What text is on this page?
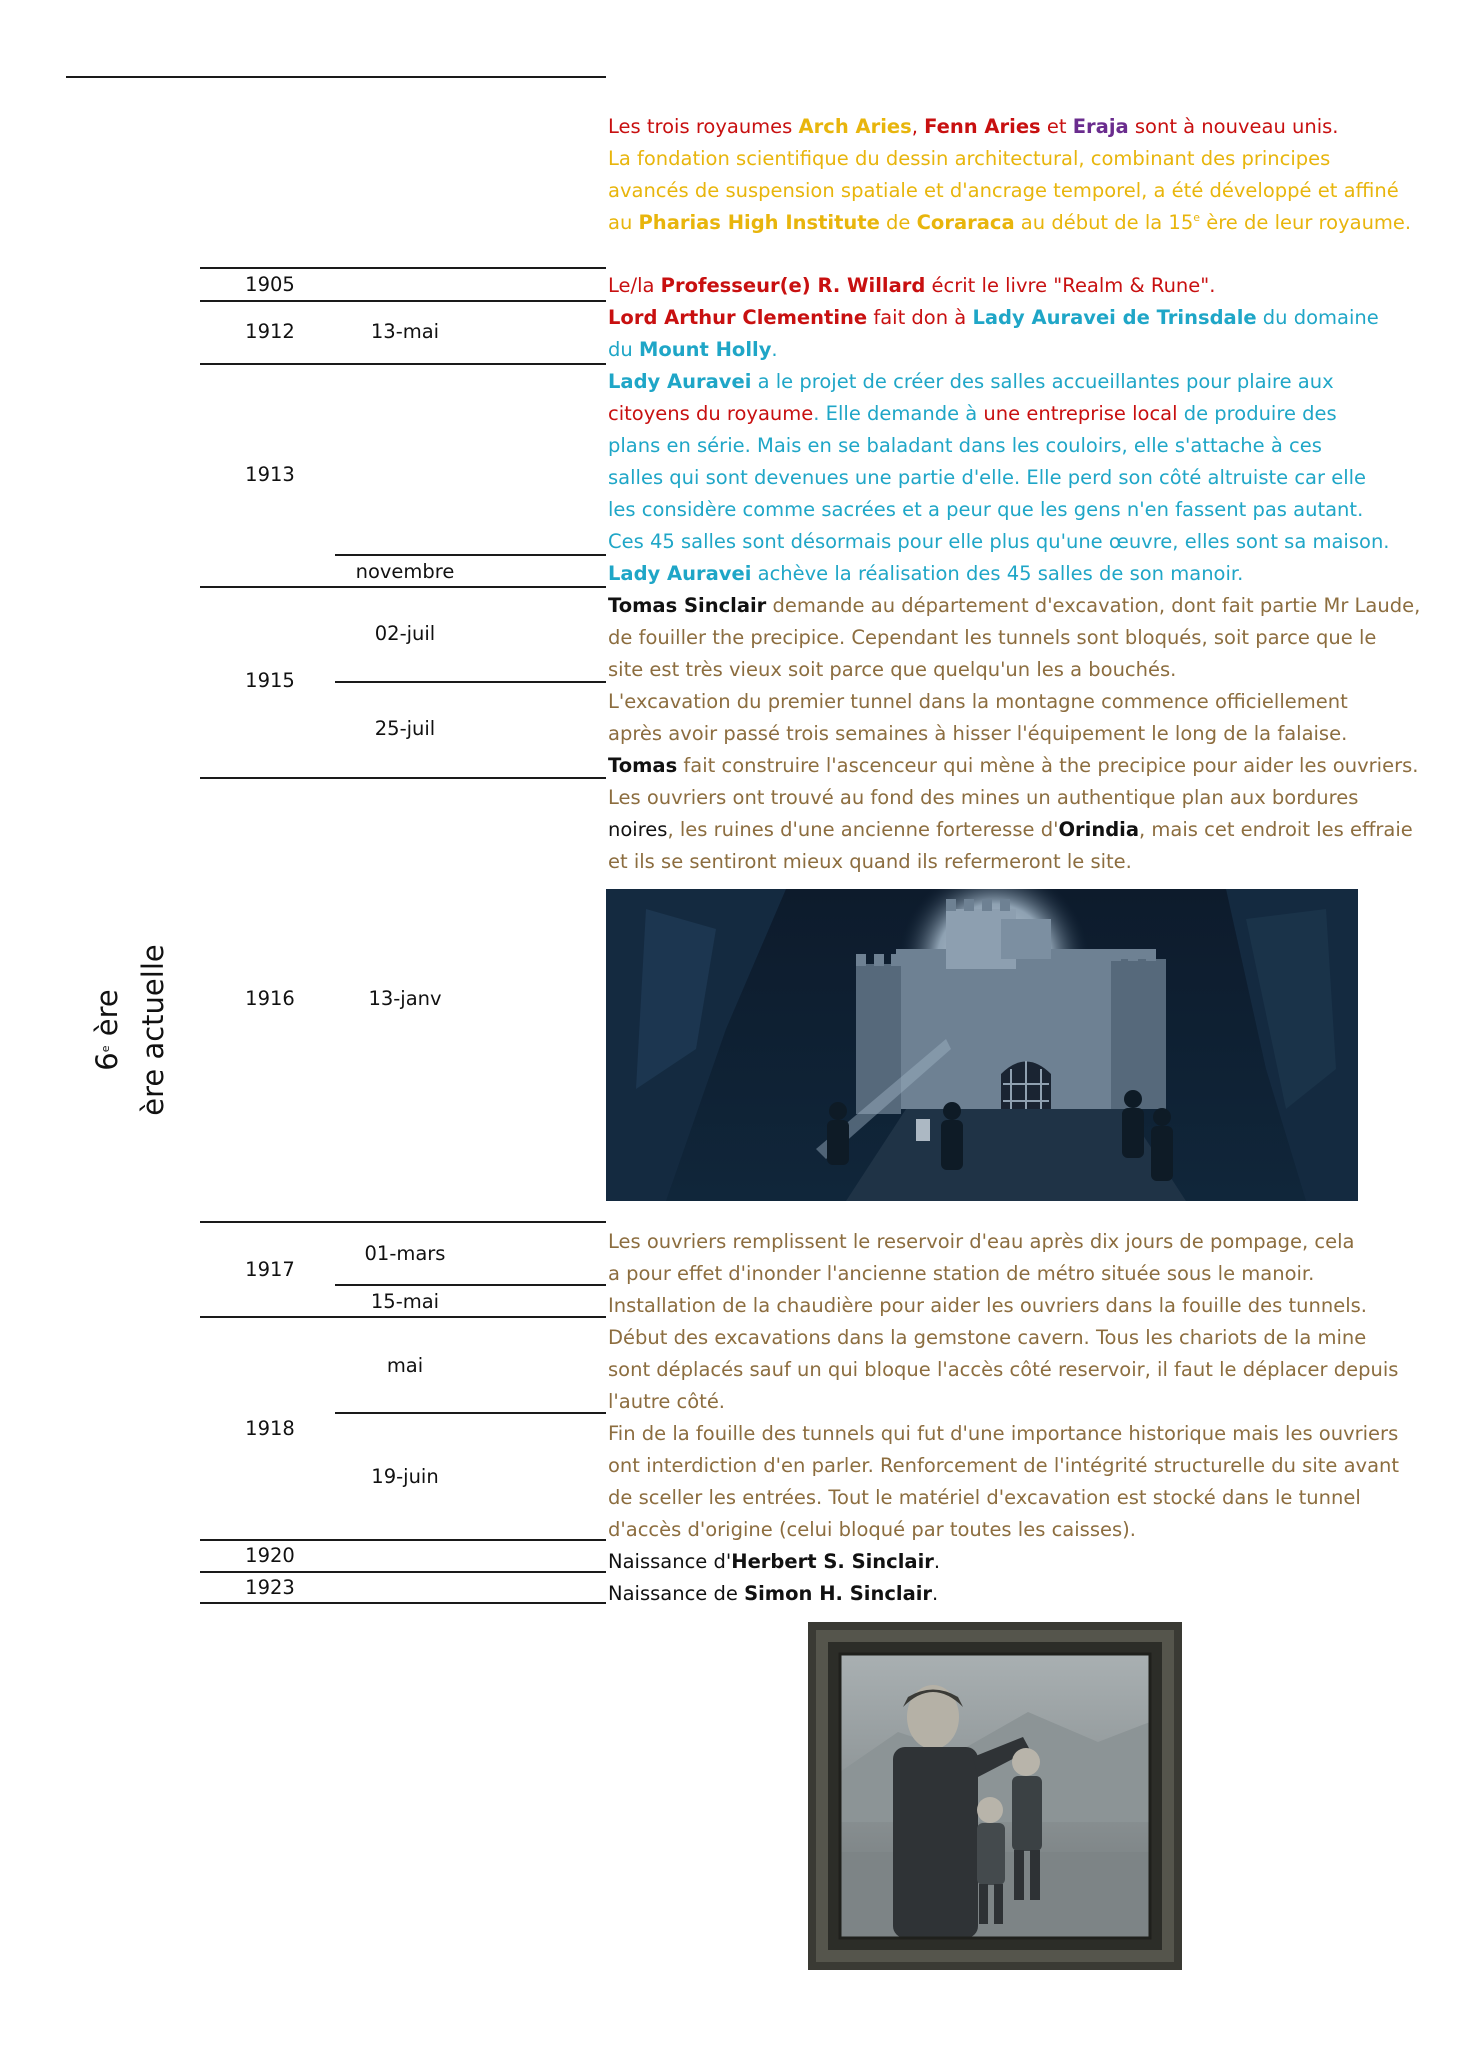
6e ère ère actuelle
Les trois royaumes Arch Aries, Fenn Aries et Eraja sont à nouveau unis.
La fondation scientifique du dessin architectural, combinant des principes
avancés de suspension spatiale et d'ancrage temporel, a été développé et affiné
au Pharias High Institute de Coraraca au début de la 15e ère de leur royaume.
1905
1912
1913
1915
1916
1917
1918
1920
1923
13-mai
novembre
02-juil
25-juil
13-janv
01-mars
15-mai
mai
19-juin
Le/la Professeur(e) R. Willard écrit le livre "Realm & Rune".
Lord Arthur Clementine fait don à Lady Auravei de Trinsdale du domaine
du Mount Holly.
Lady Auravei a le projet de créer des salles accueillantes pour plaire aux
citoyens du royaume. Elle demande à une entreprise local de produire des
plans en série. Mais en se baladant dans les couloirs, elle s'attache à ces
salles qui sont devenues une partie d'elle. Elle perd son côté altruiste car elle
les considère comme sacrées et a peur que les gens n'en fassent pas autant.
Ces 45 salles sont désormais pour elle plus qu'une œuvre, elles sont sa maison.
Lady Auravei achève la réalisation des 45 salles de son manoir.
Tomas Sinclair demande au département d'excavation, dont fait partie Mr Laude,
de fouiller the precipice. Cependant les tunnels sont bloqués, soit parce que le
site est très vieux soit parce que quelqu'un les a bouchés.
L'excavation du premier tunnel dans la montagne commence officiellement
après avoir passé trois semaines à hisser l'équipement le long de la falaise.
Tomas fait construire l'ascenceur qui mène à the precipice pour aider les ouvriers.
Les ouvriers ont trouvé au fond des mines un authentique plan aux bordures
noires, les ruines d'une ancienne forteresse d'Orindia, mais cet endroit les effraie
et ils se sentiront mieux quand ils refermeront le site.
Les ouvriers remplissent le reservoir d'eau après dix jours de pompage, cela
a pour effet d'inonder l'ancienne station de métro située sous le manoir.
Installation de la chaudière pour aider les ouvriers dans la fouille des tunnels.
Début des excavations dans la gemstone cavern. Tous les chariots de la mine
sont déplacés sauf un qui bloque l'accès côté reservoir, il faut le déplacer depuis
l'autre côté.
Fin de la fouille des tunnels qui fut d'une importance historique mais les ouvriers
ont interdiction d'en parler. Renforcement de l'intégrité structurelle du site avant
de sceller les entrées. Tout le matériel d'excavation est stocké dans le tunnel
d'accès d'origine (celui bloqué par toutes les caisses).
Naissance d'Herbert S. Sinclair.
Naissance de Simon H. Sinclair.
